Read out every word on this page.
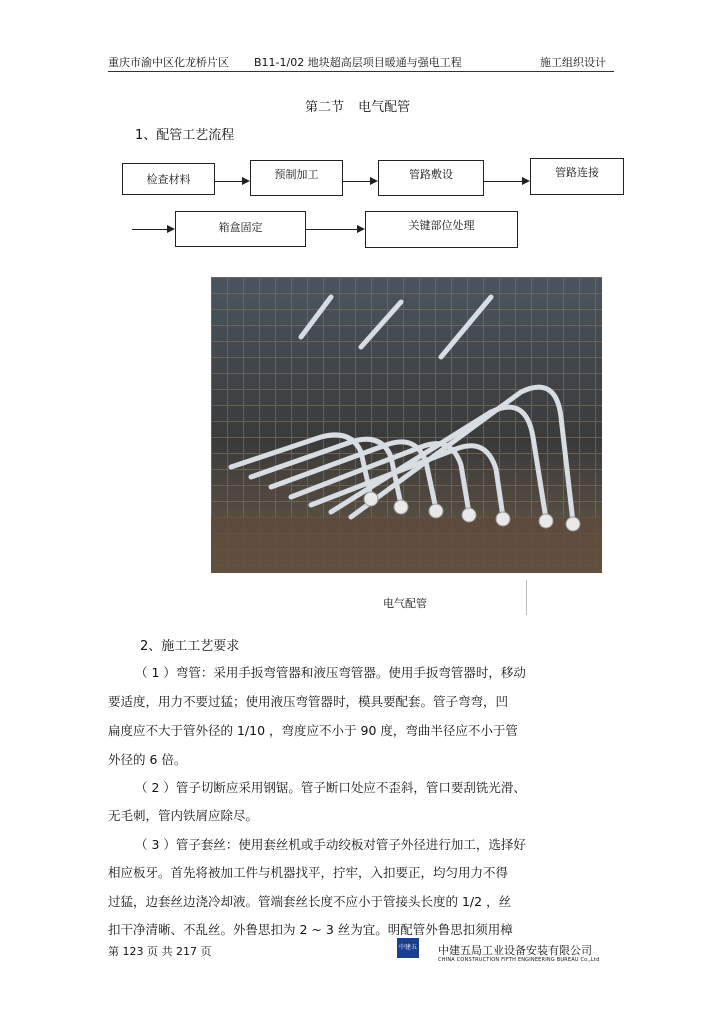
重庆市渝中区化龙桥片区 B11-1/02 地块超高层项目暖通与强电工程	施工组织设计
第二节 电气配管
1、配管工艺流程
检查材料	预制加工	管路敷设	管路连接
箱盒固定	关键部位处理
电气配管
2、施工工艺要求
（ 1 ）弯管：采用手扳弯管器和液压弯管器。使用手扳弯管器时，移动
要适度，用力不要过猛；使用液压弯管器时，模具要配套。管子弯弯，凹
扁度应不大于管外径的 1/10 ，弯度应不小于 90 度，弯曲半径应不小于管
外径的 6 倍。
（ 2 ）管子切断应采用钢锯。管子断口处应不歪斜，管口要刮铣光滑、
无毛刺，管内铁屑应除尽。
（ 3 ）管子套丝：使用套丝机或手动绞板对管子外径进行加工，选择好
相应板牙。首先将被加工件与机器找平，拧牢，入扣要正，均匀用力不得
过猛，边套丝边浇冷却液。管端套丝长度不应小于管接头长度的 1/2 ，丝
扣干净清晰、不乱丝。外鲁思扣为 2 ~ 3 丝为宜。明配管外鲁思扣须用樟
第 123 页 共 217 页	中建五局
中建五局工业设备安装有限公司
CHINA CONSTRUCTION FIFTH ENGINEERING BUREAU Co.,Ltd
